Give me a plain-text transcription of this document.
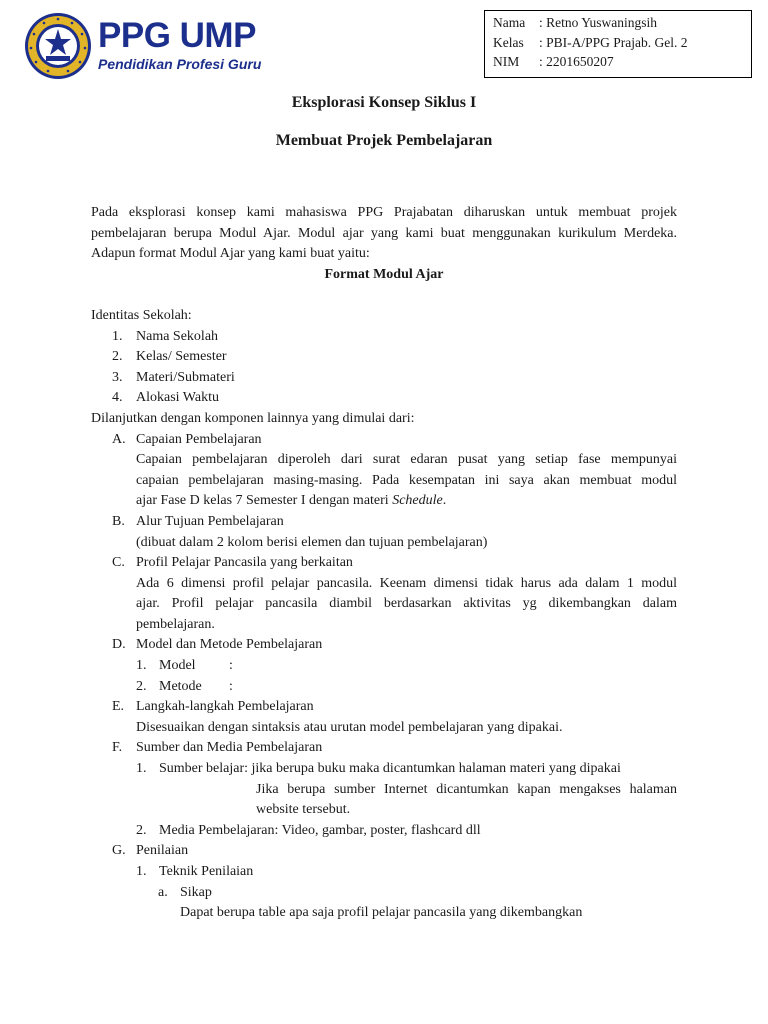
PPG UMP
Pendidikan Profesi Guru
Nama	: Retno Yuswaningsih
Kelas	: PBI-A/PPG Prajab. Gel. 2
NIM	: 2201650207
Eksplorasi Konsep Siklus I
Membuat Projek Pembelajaran
Pada eksplorasi konsep kami mahasiswa PPG Prajabatan diharuskan untuk membuat projek
pembelajaran berupa Modul Ajar. Modul ajar yang kami buat menggunakan kurikulum Merdeka.
Adapun format Modul Ajar yang kami buat yaitu:
Format Modul Ajar
Identitas Sekolah:
1. Nama Sekolah
2. Kelas/ Semester
3. Materi/Submateri
4. Alokasi Waktu
Dilanjutkan dengan komponen lainnya yang dimulai dari:
A. Capaian Pembelajaran
Capaian pembelajaran diperoleh dari surat edaran pusat yang setiap fase mempunyai
capaian pembelajaran masing-masing. Pada kesempatan ini saya akan membuat modul
ajar Fase D kelas 7 Semester I dengan materi Schedule.
B. Alur Tujuan Pembelajaran
(dibuat dalam 2 kolom berisi elemen dan tujuan pembelajaran)
C. Profil Pelajar Pancasila yang berkaitan
Ada 6 dimensi profil pelajar pancasila. Keenam dimensi tidak harus ada dalam 1 modul
ajar. Profil pelajar pancasila diambil berdasarkan aktivitas yg dikembangkan dalam
pembelajaran.
D. Model dan Metode Pembelajaran
1. Model	:
2. Metode	:
E. Langkah-langkah Pembelajaran
Disesuaikan dengan sintaksis atau urutan model pembelajaran yang dipakai.
F. Sumber dan Media Pembelajaran
1. Sumber belajar: jika berupa buku maka dicantumkan halaman materi yang dipakai
Jika berupa sumber Internet dicantumkan kapan mengakses halaman
website tersebut.
2. Media Pembelajaran: Video, gambar, poster, flashcard dll
G. Penilaian
1. Teknik Penilaian
a. Sikap
Dapat berupa table apa saja profil pelajar pancasila yang dikembangkan
